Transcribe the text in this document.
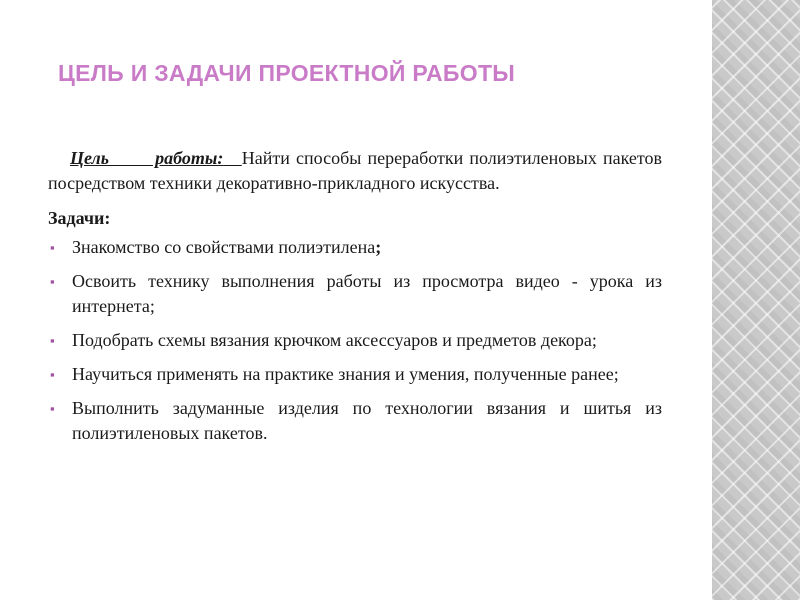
ЦЕЛЬ И ЗАДАЧИ ПРОЕКТНОЙ РАБОТЫ

Цель работы: Найти способы переработки полиэтиленовых пакетов посредством техники декоративно-прикладного искусства.

Задачи:

▪ Знакомство со свойствами полиэтилена;
▪ Освоить технику выполнения работы из просмотра видео - урока из интернета;
▪ Подобрать схемы вязания крючком аксессуаров и предметов декора;
▪ Научиться применять на практике знания и умения, полученные ранее;
▪ Выполнить задуманные изделия по технологии вязания и шитья из полиэтиленовых пакетов.
